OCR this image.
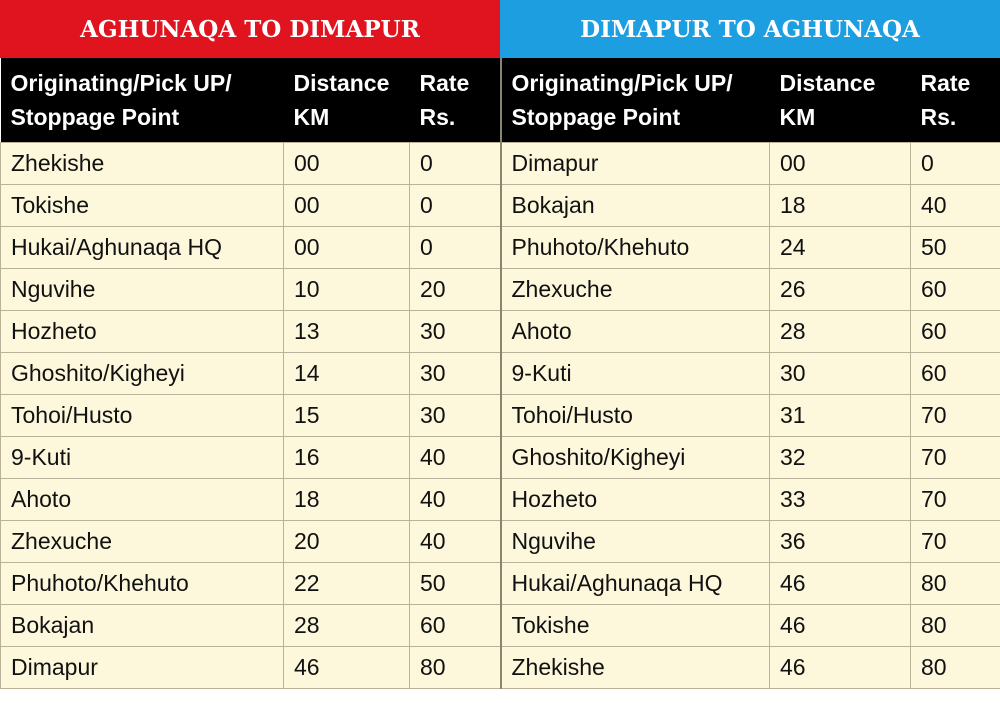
AGHUNAQA TO DIMAPUR	DIMAPUR TO AGHUNAQA
Originating/Pick UP/ Stoppage Point	Distance KM	Rate Rs.	Originating/Pick UP/ Stoppage Point	Distance KM	Rate Rs.
Zhekishe	00	0	Dimapur	00	0
Tokishe	00	0	Bokajan	18	40
Hukai/Aghunaqa HQ	00	0	Phuhoto/Khehuto	24	50
Nguvihe	10	20	Zhexuche	26	60
Hozheto	13	30	Ahoto	28	60
Ghoshito/Kigheyi	14	30	9-Kuti	30	60
Tohoi/Husto	15	30	Tohoi/Husto	31	70
9-Kuti	16	40	Ghoshito/Kigheyi	32	70
Ahoto	18	40	Hozheto	33	70
Zhexuche	20	40	Nguvihe	36	70
Phuhoto/Khehuto	22	50	Hukai/Aghunaqa HQ	46	80
Bokajan	28	60	Tokishe	46	80
Dimapur	46	80	Zhekishe	46	80
